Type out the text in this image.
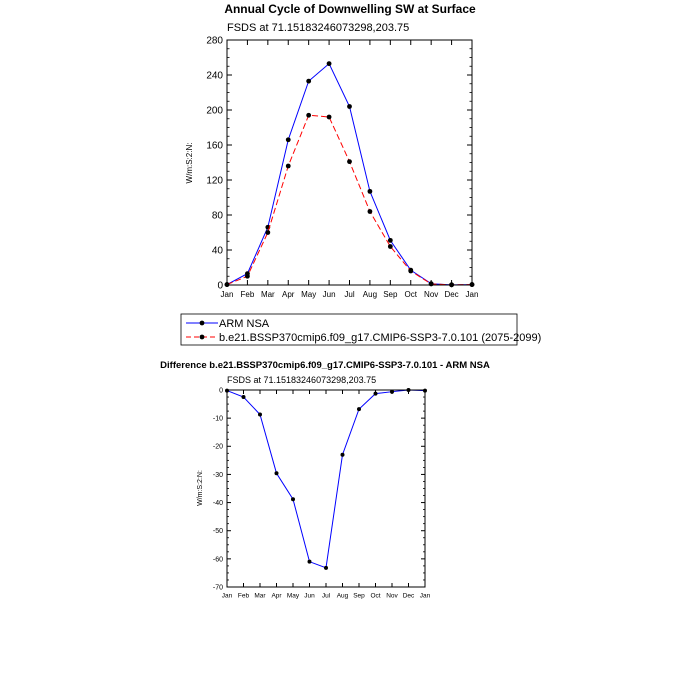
Annual Cycle of Downwelling SW at Surface
FSDS at 71.15183246073298,203.75
0
40
80
120
160
200
240
280
Jan Feb Mar Apr May Jun Jul Aug Sep Oct Nov Dec Jan
W/m:S:2:N:
ARM NSA
b.e21.BSSP370cmip6.f09_g17.CMIP6-SSP3-7.0.101 (2075-2099)
Difference b.e21.BSSP370cmip6.f09_g17.CMIP6-SSP3-7.0.101 - ARM NSA
FSDS at 71.15183246073298,203.75
0
-10
-20
-30
-40
-50
-60
-70
Jan Feb Mar Apr May Jun Jul Aug Sep Oct Nov Dec Jan
W/m:S:2:N:
